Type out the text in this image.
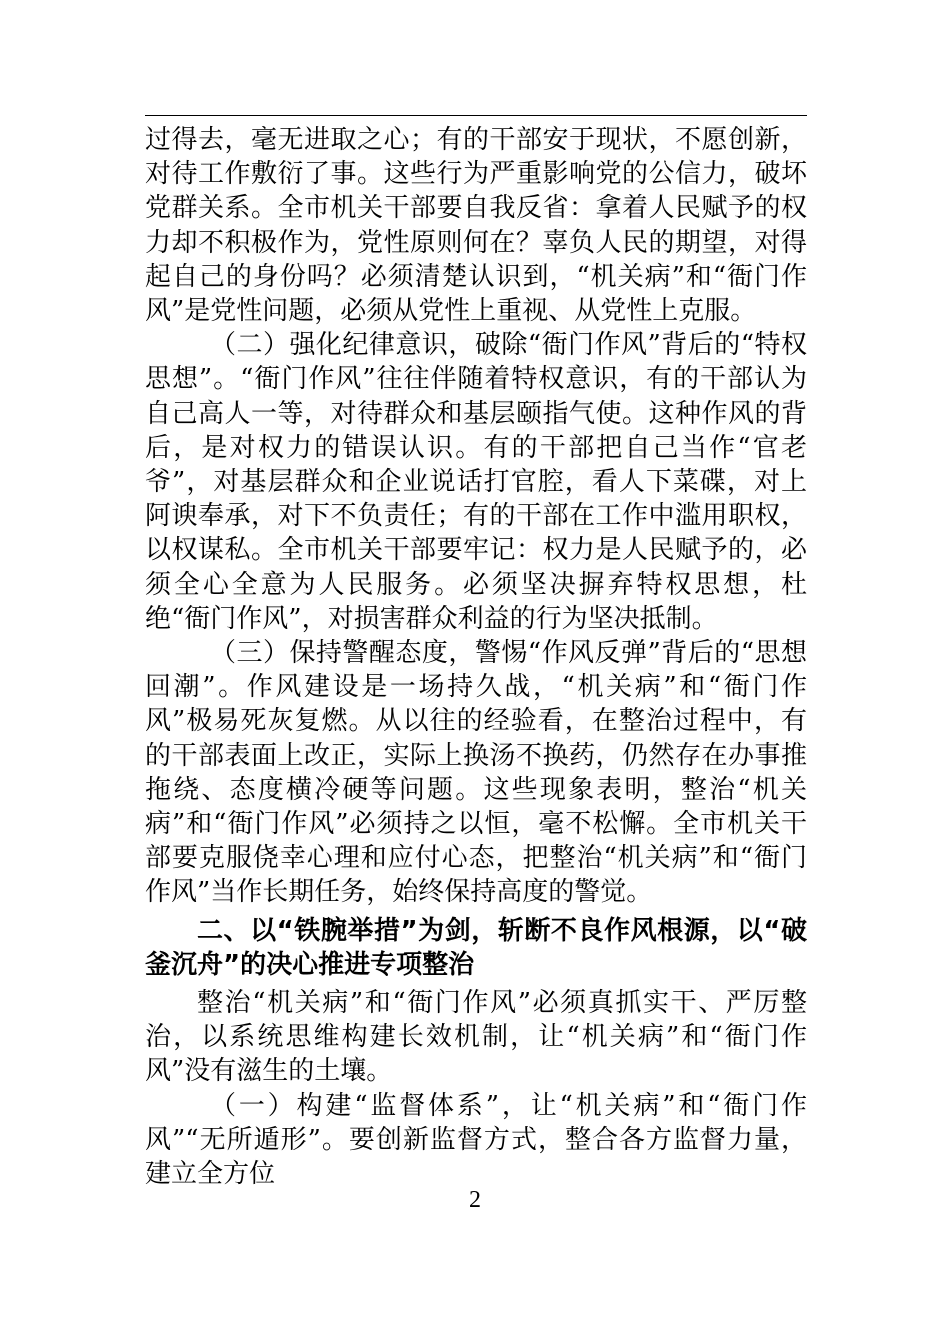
过得去，毫无进取之心；有的干部安于现状，不愿创新，对待工作敷衍了事。这些行为严重影响党的公信力，破坏党群关系。全市机关干部要自我反省：拿着人民赋予的权力却不积极作为，党性原则何在？辜负人民的期望，对得起自己的身份吗？必须清楚认识到，“机关病”和“衙门作风”是党性问题，必须从党性上重视、从党性上克服。

（二）强化纪律意识，破除“衙门作风”背后的“特权思想”。“衙门作风”往往伴随着特权意识，有的干部认为自己高人一等，对待群众和基层颐指气使。这种作风的背后，是对权力的错误认识。有的干部把自己当作“官老爷”，对基层群众和企业说话打官腔，看人下菜碟，对上阿谀奉承，对下不负责任；有的干部在工作中滥用职权，以权谋私。全市机关干部要牢记：权力是人民赋予的，必须全心全意为人民服务。必须坚决摒弃特权思想，杜绝“衙门作风”，对损害群众利益的行为坚决抵制。

（三）保持警醒态度，警惕“作风反弹”背后的“思想回潮”。作风建设是一场持久战，“机关病”和“衙门作风”极易死灰复燃。从以往的经验看，在整治过程中，有的干部表面上改正，实际上换汤不换药，仍然存在办事推拖绕、态度横冷硬等问题。这些现象表明，整治“机关病”和“衙门作风”必须持之以恒，毫不松懈。全市机关干部要克服侥幸心理和应付心态，把整治“机关病”和“衙门作风”当作长期任务，始终保持高度的警觉。

二、以“铁腕举措”为剑，斩断不良作风根源，以“破釜沉舟”的决心推进专项整治

整治“机关病”和“衙门作风”必须真抓实干、严厉整治，以系统思维构建长效机制，让“机关病”和“衙门作风”没有滋生的土壤。

（一）构建“监督体系”，让“机关病”和“衙门作风”“无所遁形”。要创新监督方式，整合各方监督力量，建立全方位

2
